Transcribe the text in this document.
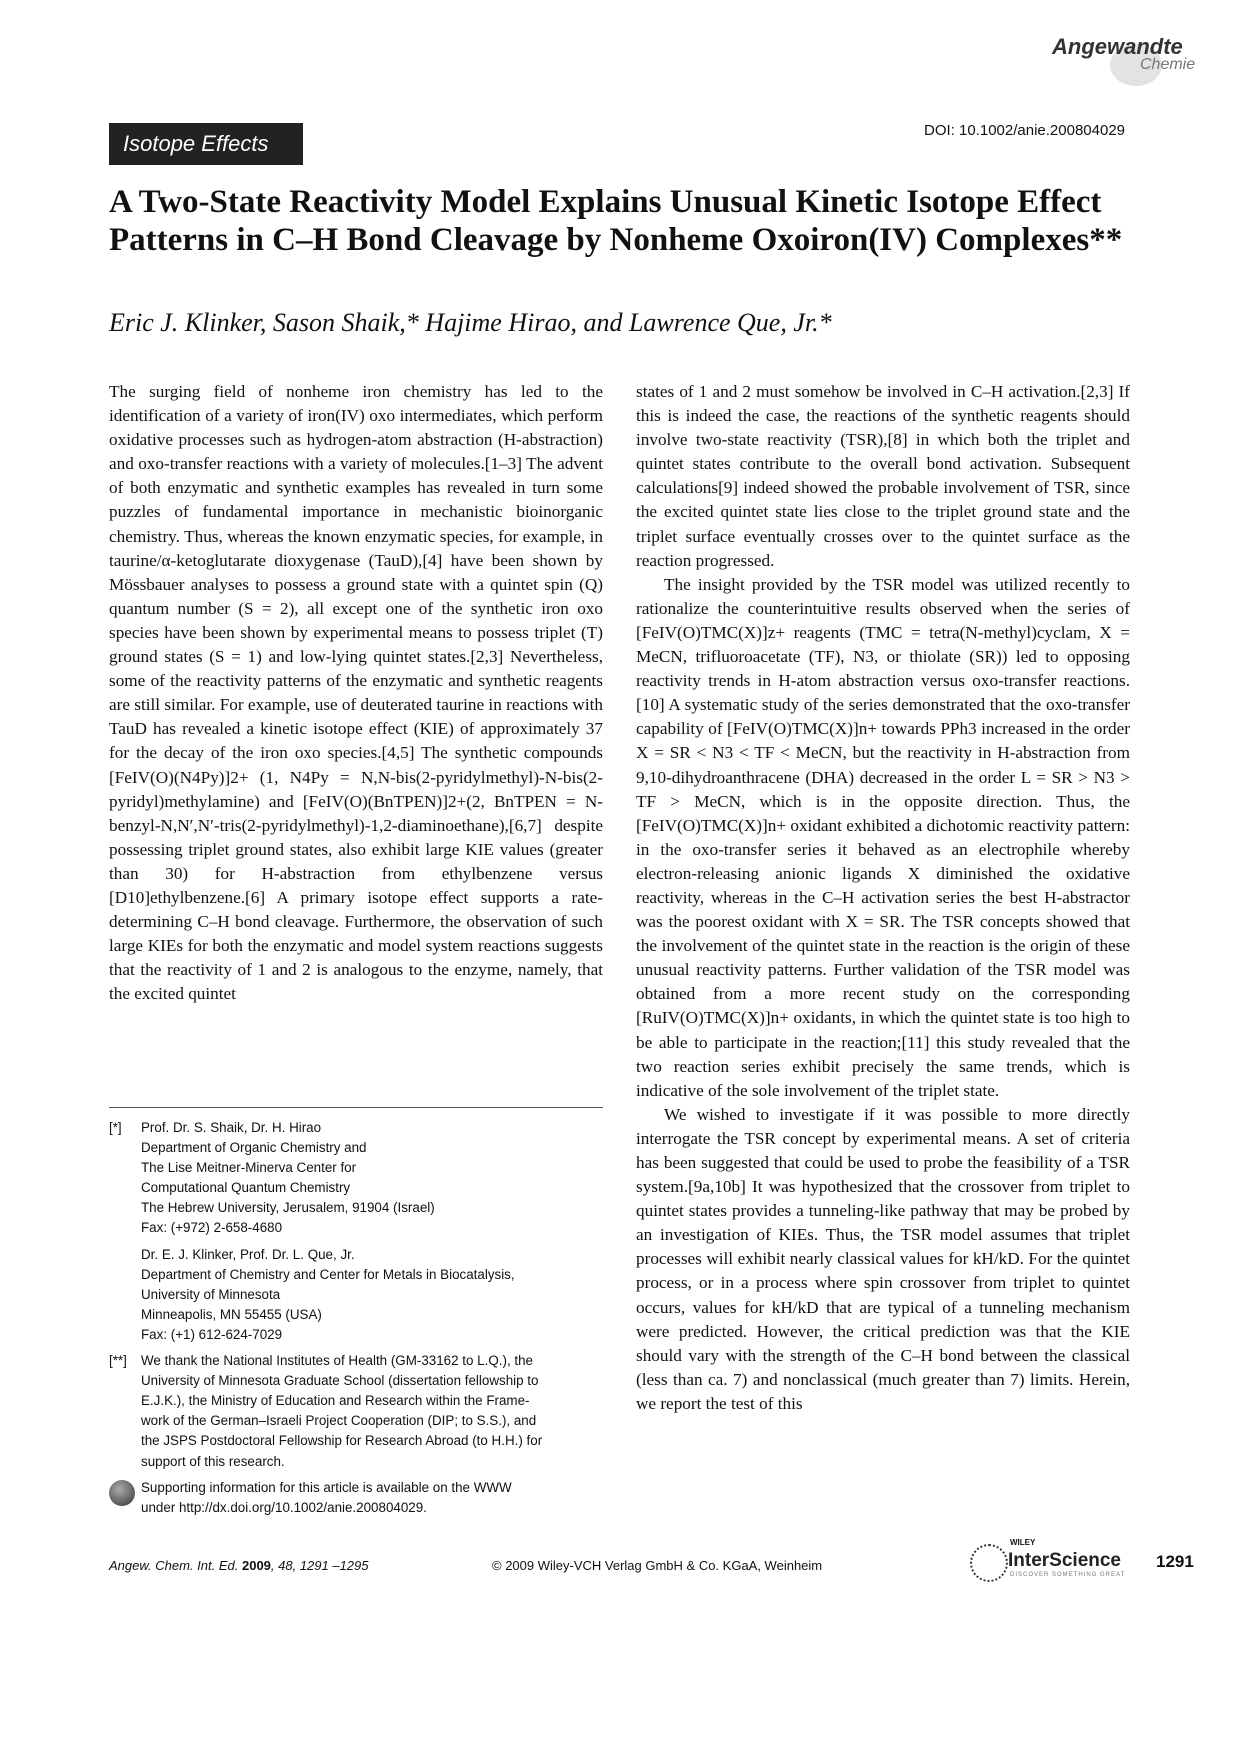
Angewandte
Chemie
DOI: 10.1002/anie.200804029
Isotope Effects
A Two-State Reactivity Model Explains Unusual Kinetic Isotope Effect Patterns in C–H Bond Cleavage by Nonheme Oxoiron(IV) Complexes**
Eric J. Klinker, Sason Shaik,* Hajime Hirao, and Lawrence Que, Jr.*

The surging field of nonheme iron chemistry has led to the identification of a variety of iron(IV) oxo intermediates, which perform oxidative processes such as hydrogen-atom abstraction (H-abstraction) and oxo-transfer reactions with a variety of molecules.[1–3] The advent of both enzymatic and synthetic examples has revealed in turn some puzzles of fundamental importance in mechanistic bioinorganic chemistry. Thus, whereas the known enzymatic species, for example, in taurine/α-ketoglutarate dioxygenase (TauD),[4] have been shown by Mössbauer analyses to possess a ground state with a quintet spin (Q) quantum number (S = 2), all except one of the synthetic iron oxo species have been shown by experimental means to possess triplet (T) ground states (S = 1) and low-lying quintet states.[2,3] Nevertheless, some of the reactivity patterns of the enzymatic and synthetic reagents are still similar. For example, use of deuterated taurine in reactions with TauD has revealed a kinetic isotope effect (KIE) of approximately 37 for the decay of the iron oxo species.[4,5] The synthetic compounds [FeIV(O)(N4Py)]2+ (1, N4Py = N,N-bis(2-pyridylmethyl)-N-bis(2-pyridyl)methylamine) and [FeIV(O)(BnTPEN)]2+(2, BnTPEN = N-benzyl-N,N′,N′-tris(2-pyridylmethyl)-1,2-diaminoethane),[6,7] despite possessing triplet ground states, also exhibit large KIE values (greater than 30) for H-abstraction from ethylbenzene versus [D10]ethylbenzene.[6] A primary isotope effect supports a rate-determining C–H bond cleavage. Furthermore, the observation of such large KIEs for both the enzymatic and model system reactions suggests that the reactivity of 1 and 2 is analogous to the enzyme, namely, that the excited quintet

states of 1 and 2 must somehow be involved in C–H activation.[2,3] If this is indeed the case, the reactions of the synthetic reagents should involve two-state reactivity (TSR),[8] in which both the triplet and quintet states contribute to the overall bond activation. Subsequent calculations[9] indeed showed the probable involvement of TSR, since the excited quintet state lies close to the triplet ground state and the triplet surface eventually crosses over to the quintet surface as the reaction progressed.

The insight provided by the TSR model was utilized recently to rationalize the counterintuitive results observed when the series of [FeIV(O)TMC(X)]z+ reagents (TMC = tetra(N-methyl)cyclam, X = MeCN, trifluoroacetate (TF), N3, or thiolate (SR)) led to opposing reactivity trends in H-atom abstraction versus oxo-transfer reactions.[10] A systematic study of the series demonstrated that the oxo-transfer capability of [FeIV(O)TMC(X)]n+ towards PPh3 increased in the order X = SR < N3 < TF < MeCN, but the reactivity in H-abstraction from 9,10-dihydroanthracene (DHA) decreased in the order L = SR > N3 > TF > MeCN, which is in the opposite direction. Thus, the [FeIV(O)TMC(X)]n+ oxidant exhibited a dichotomic reactivity pattern: in the oxo-transfer series it behaved as an electrophile whereby electron-releasing anionic ligands X diminished the oxidative reactivity, whereas in the C–H activation series the best H-abstractor was the poorest oxidant with X = SR. The TSR concepts showed that the involvement of the quintet state in the reaction is the origin of these unusual reactivity patterns. Further validation of the TSR model was obtained from a more recent study on the corresponding [RuIV(O)TMC(X)]n+ oxidants, in which the quintet state is too high to be able to participate in the reaction;[11] this study revealed that the two reaction series exhibit precisely the same trends, which is indicative of the sole involvement of the triplet state.

We wished to investigate if it was possible to more directly interrogate the TSR concept by experimental means. A set of criteria has been suggested that could be used to probe the feasibility of a TSR system.[9a,10b] It was hypothesized that the crossover from triplet to quintet states provides a tunneling-like pathway that may be probed by an investigation of KIEs. Thus, the TSR model assumes that triplet processes will exhibit nearly classical values for kH/kD. For the quintet process, or in a process where spin crossover from triplet to quintet occurs, values for kH/kD that are typical of a tunneling mechanism were predicted. However, the critical prediction was that the KIE should vary with the strength of the C–H bond between the classical (less than ca. 7) and nonclassical (much greater than 7) limits. Herein, we report the test of this

[*]	Prof. Dr. S. Shaik, Dr. H. Hirao
Department of Organic Chemistry and
The Lise Meitner-Minerva Center for
Computational Quantum Chemistry
The Hebrew University, Jerusalem, 91904 (Israel)
Fax: (+972) 2-658-4680
Dr. E. J. Klinker, Prof. Dr. L. Que, Jr.
Department of Chemistry and Center for Metals in Biocatalysis,
University of Minnesota
Minneapolis, MN 55455 (USA)
Fax: (+1) 612-624-7029
[**]	We thank the National Institutes of Health (GM-33162 to L.Q.), the
University of Minnesota Graduate School (dissertation fellowship to
E.J.K.), the Ministry of Education and Research within the Frame-
work of the German–Israeli Project Cooperation (DIP; to S.S.), and
the JSPS Postdoctoral Fellowship for Research Abroad (to H.H.) for
support of this research.
Supporting information for this article is available on the WWW
under http://dx.doi.org/10.1002/anie.200804029.
Angew. Chem. Int. Ed. 2009, 48, 1291 –1295	© 2009 Wiley-VCH Verlag GmbH & Co. KGaA, Weinheim
WILEY
InterScience
DISCOVER SOMETHING GREAT
1291
